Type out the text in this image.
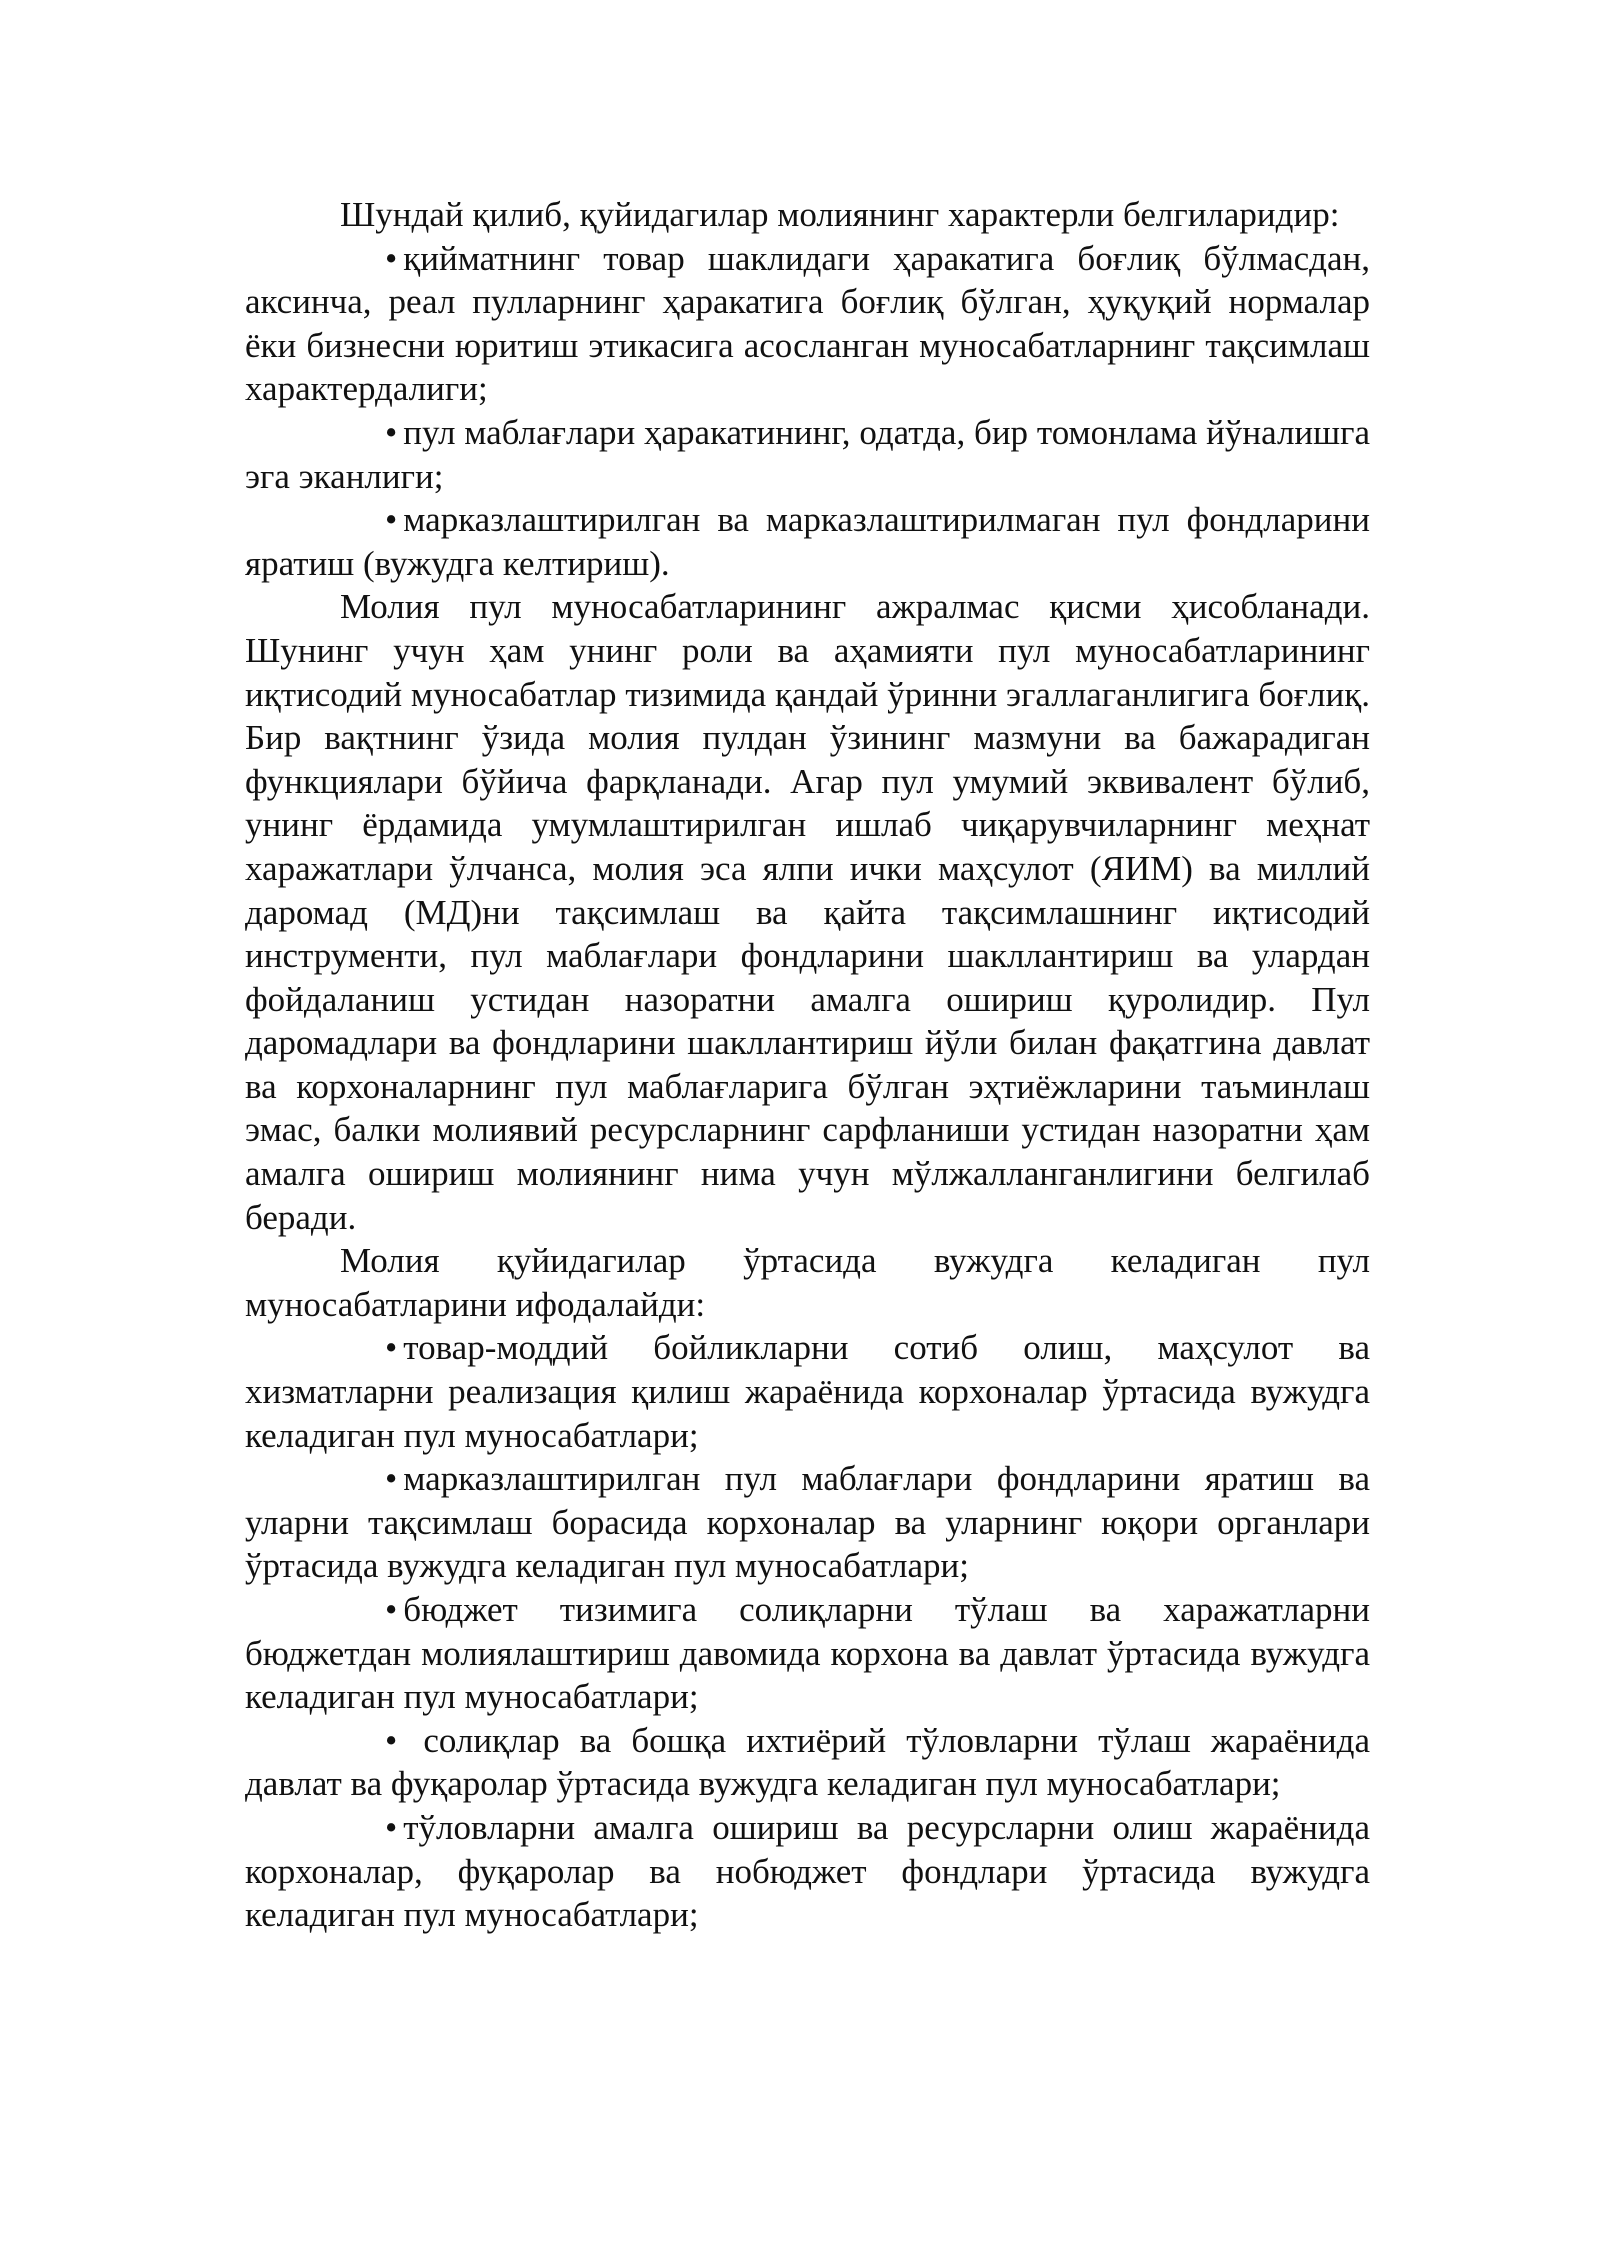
Шундай қилиб, қуйидагилар молиянинг характерли белгиларидир:

• қийматнинг товар шаклидаги ҳаракатига боғлиқ бўлмасдан, аксинча, реал пулларнинг ҳаракатига боғлиқ бўлган, ҳуқуқий нормалар ёки бизнесни юритиш этикасига асосланган муносабатларнинг тақсимлаш характердалиги;

• пул маблағлари ҳаракатининг, одатда, бир томонлама йўналишга эга эканлиги;

• марказлаштирилган ва марказлаштирилмаган пул фондларини яратиш (вужудга келтириш).

Молия пул муносабатларининг ажралмас қисми ҳисобланади. Шунинг учун ҳам унинг роли ва аҳамияти пул муносабатларининг иқтисодий муносабатлар тизимида қандай ўринни эгаллаганлигига боғлиқ. Бир вақтнинг ўзида молия пулдан ўзининг мазмуни ва бажарадиган функциялари бўйича фарқланади. Агар пул умумий эквивалент бўлиб, унинг ёрдамида умумлаштирилган ишлаб чиқарувчиларнинг меҳнат харажатлари ўлчанса, молия эса ялпи ички маҳсулот (ЯИМ) ва миллий даромад (МД)ни тақсимлаш ва қайта тақсимлашнинг иқтисодий инструменти, пул маблағлари фондларини шакллантириш ва улардан фойдаланиш устидан назоратни амалга ошириш қуролидир. Пул даромадлари ва фондларини шакллантириш йўли билан фақатгина давлат ва корхоналарнинг пул маблағларига бўлган эҳтиёжларини таъминлаш эмас, балки молиявий ресурсларнинг сарфланиши устидан назоратни ҳам амалга ошириш молиянинг нима учун мўлжалланганлигини белгилаб беради.

Молия қуйидагилар ўртасида вужудга келадиган пул муносабатларини ифодалайди:

• товар-моддий бойликларни сотиб олиш, маҳсулот ва хизматларни реализация қилиш жараёнида корхоналар ўртасида вужудга келадиган пул муносабатлари;

• марказлаштирилган пул маблағлари фондларини яратиш ва уларни тақсимлаш борасида корхоналар ва уларнинг юқори органлари ўртасида вужудга келадиган пул муносабатлари;

• бюджет тизимига солиқларни тўлаш ва харажатларни бюджетдан молиялаштириш давомида корхона ва давлат ўртасида вужудга келадиган пул муносабатлари;

• солиқлар ва бошқа ихтиёрий тўловларни тўлаш жараёнида давлат ва фуқаролар ўртасида вужудга келадиган пул муносабатлари;

• тўловларни амалга ошириш ва ресурсларни олиш жараёнида корхоналар, фуқаролар ва нобюджет фондлари ўртасида вужудга келадиган пул муносабатлари;
